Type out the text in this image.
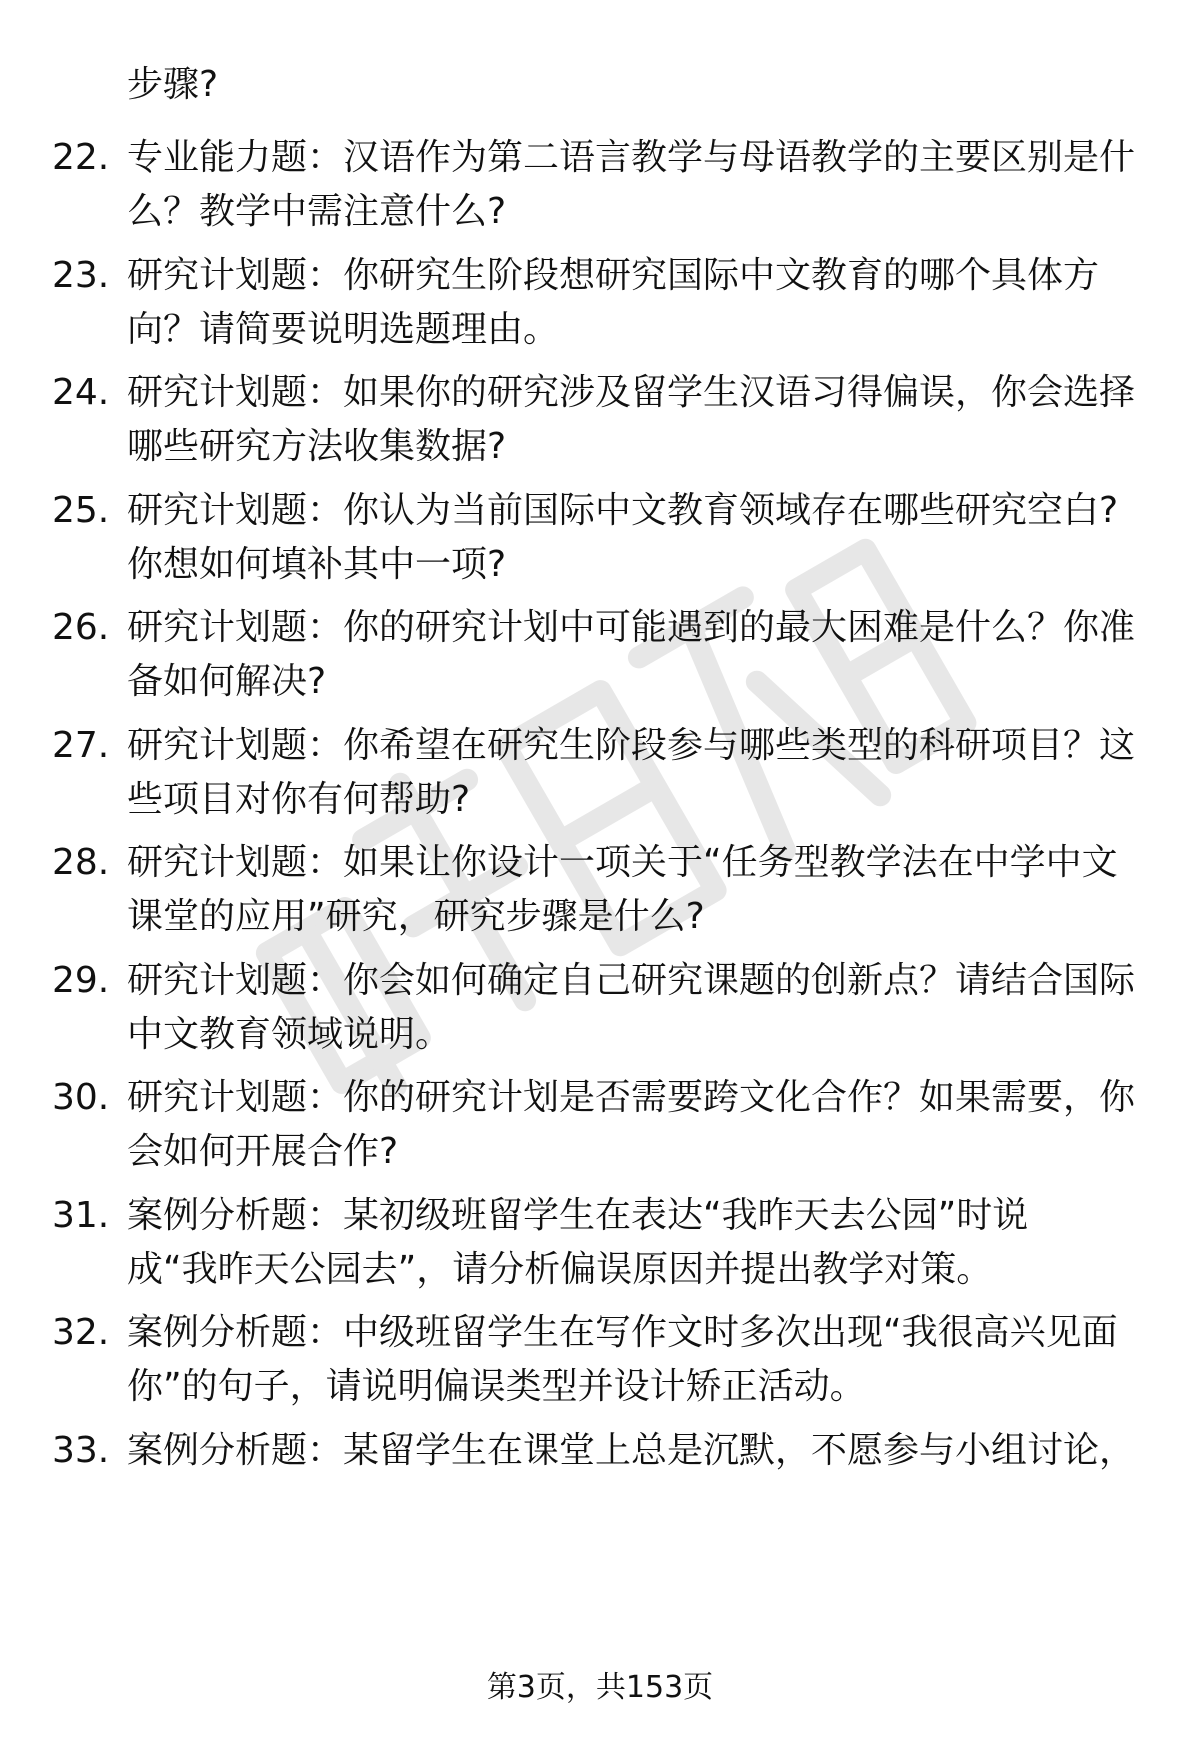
步骤?
22. 专业能力题：汉语作为第二语言教学与母语教学的主要区别是什
么？教学中需注意什么?
23. 研究计划题：你研究生阶段想研究国际中文教育的哪个具体方
向？请简要说明选题理由。
24. 研究计划题：如果你的研究涉及留学生汉语习得偏误，你会选择
哪些研究方法收集数据?
25. 研究计划题：你认为当前国际中文教育领域存在哪些研究空白?
你想如何填补其中一项?
26. 研究计划题：你的研究计划中可能遇到的最大困难是什么？你准
备如何解决?
27. 研究计划题：你希望在研究生阶段参与哪些类型的科研项目？这
些项目对你有何帮助?
28. 研究计划题：如果让你设计一项关于“任务型教学法在中学中文
课堂的应用”研究，研究步骤是什么?
29. 研究计划题：你会如何确定自己研究课题的创新点？请结合国际
中文教育领域说明。
30. 研究计划题：你的研究计划是否需要跨文化合作？如果需要，你
会如何开展合作?
31. 案例分析题：某初级班留学生在表达“我昨天去公园”时说
成“我昨天公园去”，请分析偏误原因并提出教学对策。
32. 案例分析题：中级班留学生在写作文时多次出现“我很高兴见面
你”的句子，请说明偏误类型并设计矫正活动。
33. 案例分析题：某留学生在课堂上总是沉默，不愿参与小组讨论，
第3页，共153页
